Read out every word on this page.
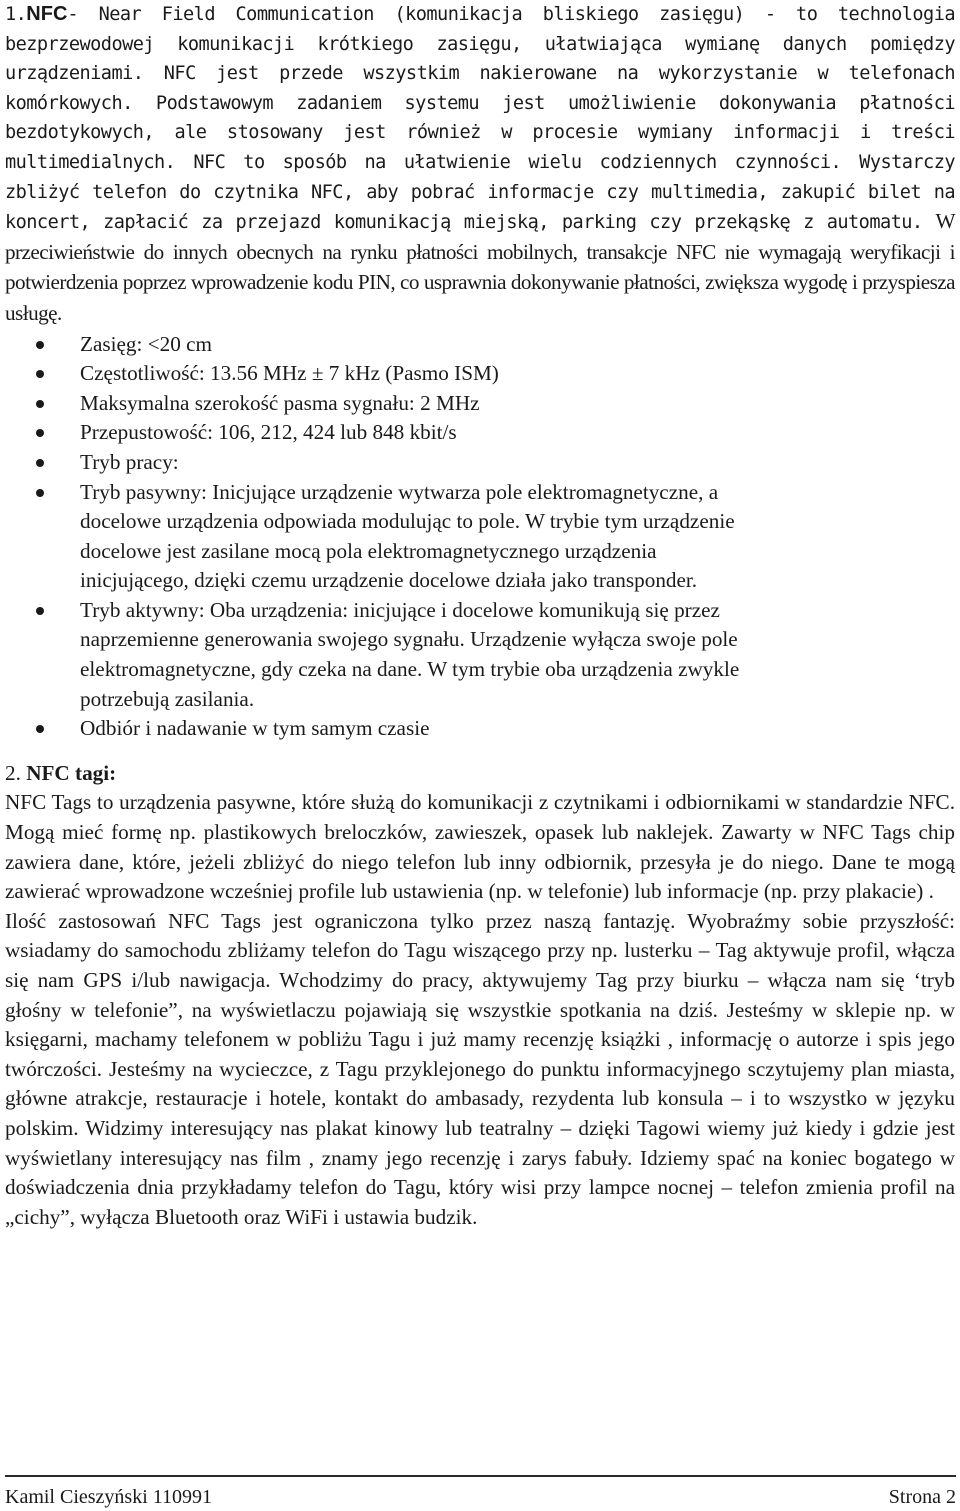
1.NFC- Near Field Communication (komunikacja bliskiego zasięgu) - to technologia bezprzewodowej komunikacji krótkiego zasięgu, ułatwiająca wymianę danych pomiędzy urządzeniami. NFC jest przede wszystkim nakierowane na wykorzystanie w telefonach komórkowych. Podstawowym zadaniem systemu jest umożliwienie dokonywania płatności bezdotykowych, ale stosowany jest również w procesie wymiany informacji i treści multimedialnych. NFC to sposób na ułatwienie wielu codziennych czynności. Wystarczy zbliżyć telefon do czytnika NFC, aby pobrać informacje czy multimedia, zakupić bilet na koncert, zapłacić za przejazd komunikacją miejską, parking czy przekąskę z automatu. W przeciwieństwie do innych obecnych na rynku płatności mobilnych, transakcje NFC nie wymagają weryfikacji i potwierdzenia poprzez wprowadzenie kodu PIN, co usprawnia dokonywanie płatności, zwiększa wygodę i przyspiesza usługę.

Zasięg: <20 cm
Częstotliwość: 13.56 MHz ± 7 kHz (Pasmo ISM)
Maksymalna szerokość pasma sygnału: 2 MHz
Przepustowość: 106, 212, 424 lub 848 kbit/s
Tryb pracy:
Tryb pasywny: Inicjujące urządzenie wytwarza pole elektromagnetyczne, a docelowe urządzenia odpowiada modulując to pole. W trybie tym urządzenie docelowe jest zasilane mocą pola elektromagnetycznego urządzenia inicjującego, dzięki czemu urządzenie docelowe działa jako transponder.
Tryb aktywny: Oba urządzenia: inicjujące i docelowe komunikują się przez naprzemienne generowania swojego sygnału. Urządzenie wyłącza swoje pole elektromagnetyczne, gdy czeka na dane. W tym trybie oba urządzenia zwykle potrzebują zasilania.
Odbiór i nadawanie w tym samym czasie

2. NFC tagi:

NFC Tags to urządzenia pasywne, które służą do komunikacji z czytnikami i odbiornikami w standardzie NFC. Mogą mieć formę np. plastikowych breloczków, zawieszek, opasek lub naklejek. Zawarty w NFC Tags chip zawiera dane, które, jeżeli zbliżyć do niego telefon lub inny odbiornik, przesyła je do niego. Dane te mogą zawierać wprowadzone wcześniej profile lub ustawienia (np. w telefonie) lub informacje (np. przy plakacie) .

Ilość zastosowań NFC Tags jest ograniczona tylko przez naszą fantazję. Wyobraźmy sobie przyszłość: wsiadamy do samochodu zbliżamy telefon do Tagu wiszącego przy np. lusterku – Tag aktywuje profil, włącza się nam GPS i/lub nawigacja. Wchodzimy do pracy, aktywujemy Tag przy biurku – włącza nam się ‘tryb głośny w telefonie”, na wyświetlaczu pojawiają się wszystkie spotkania na dziś. Jesteśmy w sklepie np. w księgarni, machamy telefonem w pobliżu Tagu i już mamy recenzję książki , informację o autorze i spis jego twórczości. Jesteśmy na wycieczce, z Tagu przyklejonego do punktu informacyjnego sczytujemy plan miasta, główne atrakcje, restauracje i hotele, kontakt do ambasady, rezydenta lub konsula – i to wszystko w języku polskim. Widzimy interesujący nas plakat kinowy lub teatralny – dzięki Tagowi wiemy już kiedy i gdzie jest wyświetlany interesujący nas film , znamy jego recenzję i zarys fabuły. Idziemy spać na koniec bogatego w doświadczenia dnia przykładamy telefon do Tagu, który wisi przy lampce nocnej – telefon zmienia profil na „cichy”, wyłącza Bluetooth oraz WiFi i ustawia budzik.

Kamil Cieszyński 110991	Strona 2
